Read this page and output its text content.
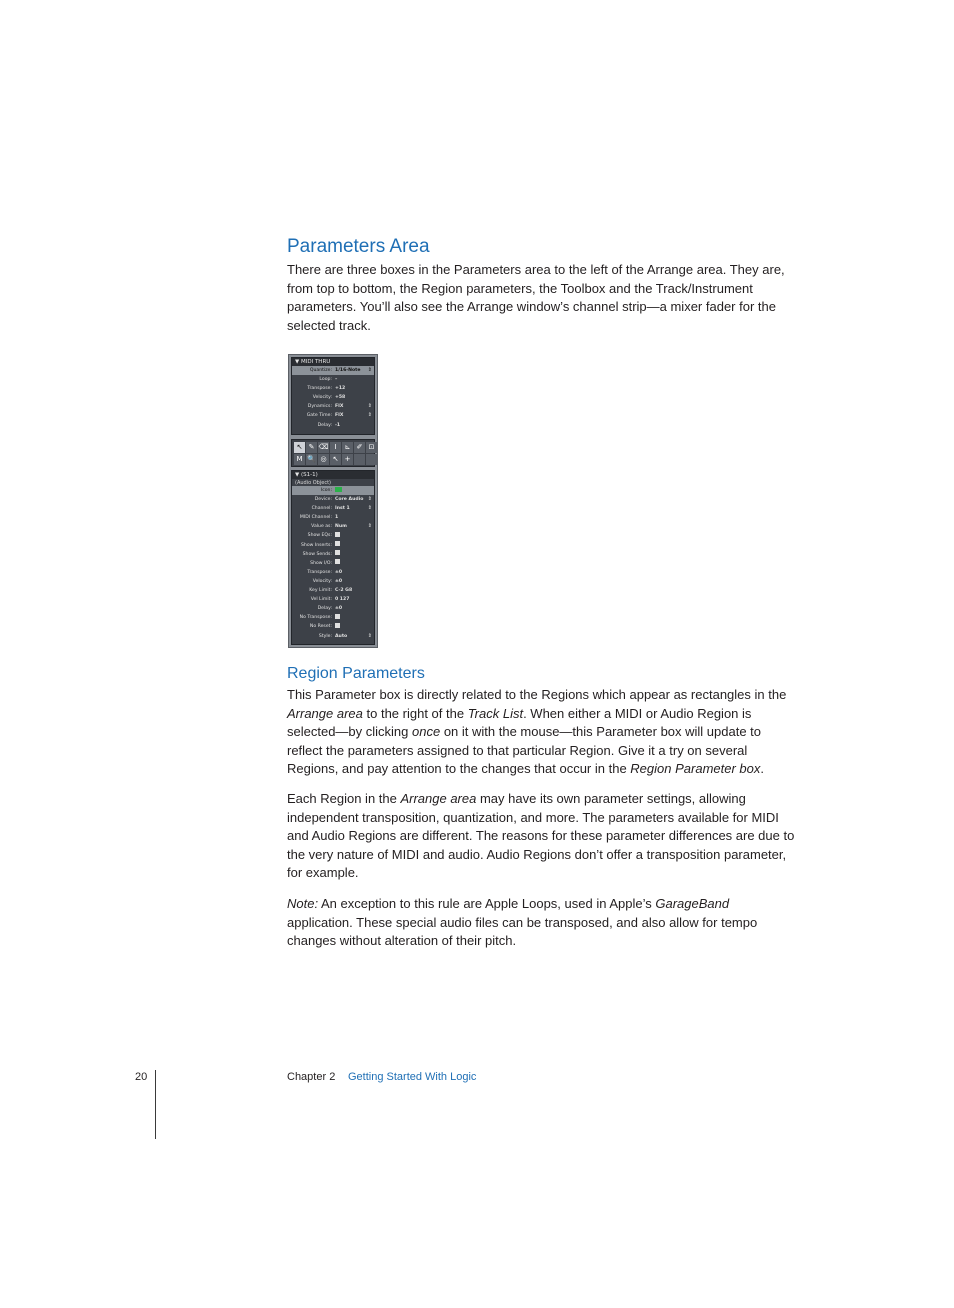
Parameters Area

There are three boxes in the Parameters area to the left of the Arrange area. They are, from top to bottom, the Region parameters, the Toolbox and the Track/Instrument parameters. You’ll also see the Arrange window’s channel strip—a mixer fader for the selected track.

▼ MIDI THRU
Quantize: 1/16-Note ⇕
Loop: –
Transpose: +12
Velocity: +58
Dynamics: FIX	⇕
Gate Time: FIX	⇕
Delay: -1
↖ ✎ ⌫ Ι	⊾ ✐ ⊡
M 🔍 ◎ ↖ +
▼ (S1-1)
(Audio Object)
Icon:
Device: Core Audio ⇕
Channel: Inst 1	⇕
MIDI Channel: 1
Value as: Num	⇕
Show EQs:
Show Inserts:
Show Sends:
Show I/O:
Transpose: ±0
Velocity: ±0
Key Limit: C-2 G8
Vel Limit: 0 127
Delay: ±0
No Transpose:
No Reset:
Style: Auto	⇕
Region Parameters

This Parameter box is directly related to the Regions which appear as rectangles in the Arrange area to the right of the Track List. When either a MIDI or Audio Region is selected—by clicking once on it with the mouse—this Parameter box will update to reflect the parameters assigned to that particular Region. Give it a try on several Regions, and pay attention to the changes that occur in the Region Parameter box.

Each Region in the Arrange area may have its own parameter settings, allowing independent transposition, quantization, and more. The parameters available for MIDI and Audio Regions are different. The reasons for these parameter differences are due to the very nature of MIDI and audio. Audio Regions don’t offer a transposition parameter, for example.

Note: An exception to this rule are Apple Loops, used in Apple’s GarageBand application. These special audio files can be transposed, and also allow for tempo changes without alteration of their pitch.

20	Chapter 2 Getting Started With Logic
